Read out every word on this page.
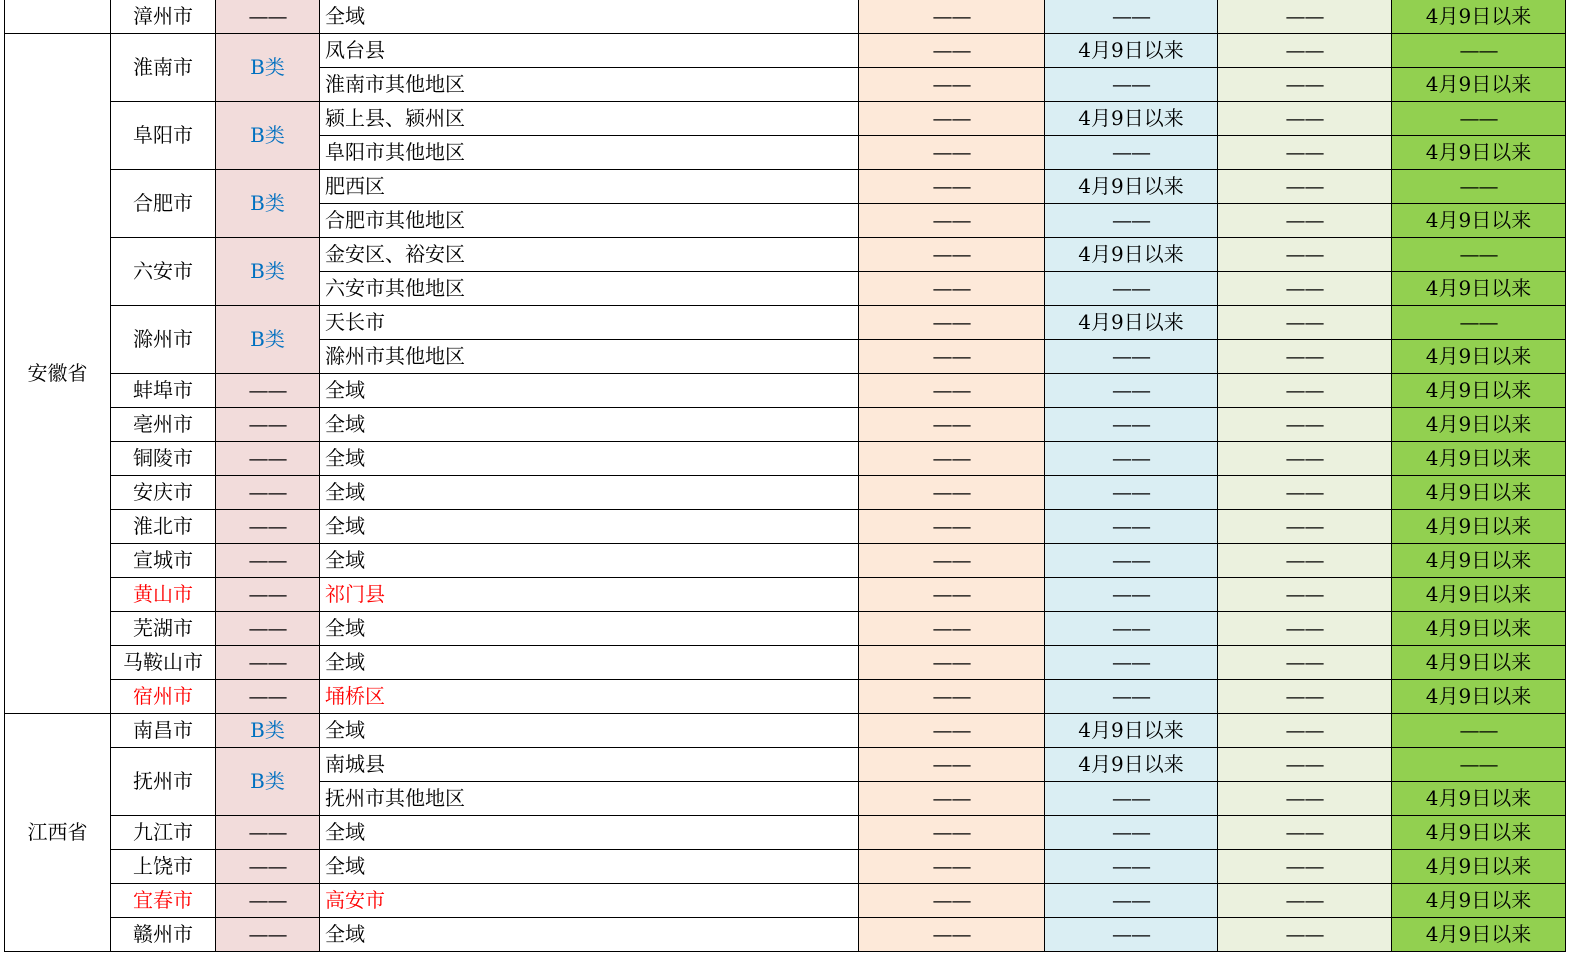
	漳州市	——	全域	——	——	——	4月9日以来
安徽省	淮南市	B类	凤台县	——	4月9日以来	——	——
			淮南市其他地区	——	——	——	4月9日以来
	阜阳市	B类	颍上县、颍州区	——	4月9日以来	——	——
			阜阳市其他地区	——	——	——	4月9日以来
	合肥市	B类	肥西区	——	4月9日以来	——	——
			合肥市其他地区	——	——	——	4月9日以来
	六安市	B类	金安区、裕安区	——	4月9日以来	——	——
			六安市其他地区	——	——	——	4月9日以来
	滁州市	B类	天长市	——	4月9日以来	——	——
			滁州市其他地区	——	——	——	4月9日以来
	蚌埠市	——	全域	——	——	——	4月9日以来
	亳州市	——	全域	——	——	——	4月9日以来
	铜陵市	——	全域	——	——	——	4月9日以来
	安庆市	——	全域	——	——	——	4月9日以来
	淮北市	——	全域	——	——	——	4月9日以来
	宣城市	——	全域	——	——	——	4月9日以来
	黄山市	——	祁门县	——	——	——	4月9日以来
	芜湖市	——	全域	——	——	——	4月9日以来
	马鞍山市	——	全域	——	——	——	4月9日以来
	宿州市	——	埇桥区	——	——	——	4月9日以来
江西省	南昌市	B类	全域	——	4月9日以来	——	——
	抚州市	B类	南城县	——	4月9日以来	——	——
			抚州市其他地区	——	——	——	4月9日以来
	九江市	——	全域	——	——	——	4月9日以来
	上饶市	——	全域	——	——	——	4月9日以来
	宜春市	——	高安市	——	——	——	4月9日以来
	赣州市	——	全域	——	——	——	4月9日以来
